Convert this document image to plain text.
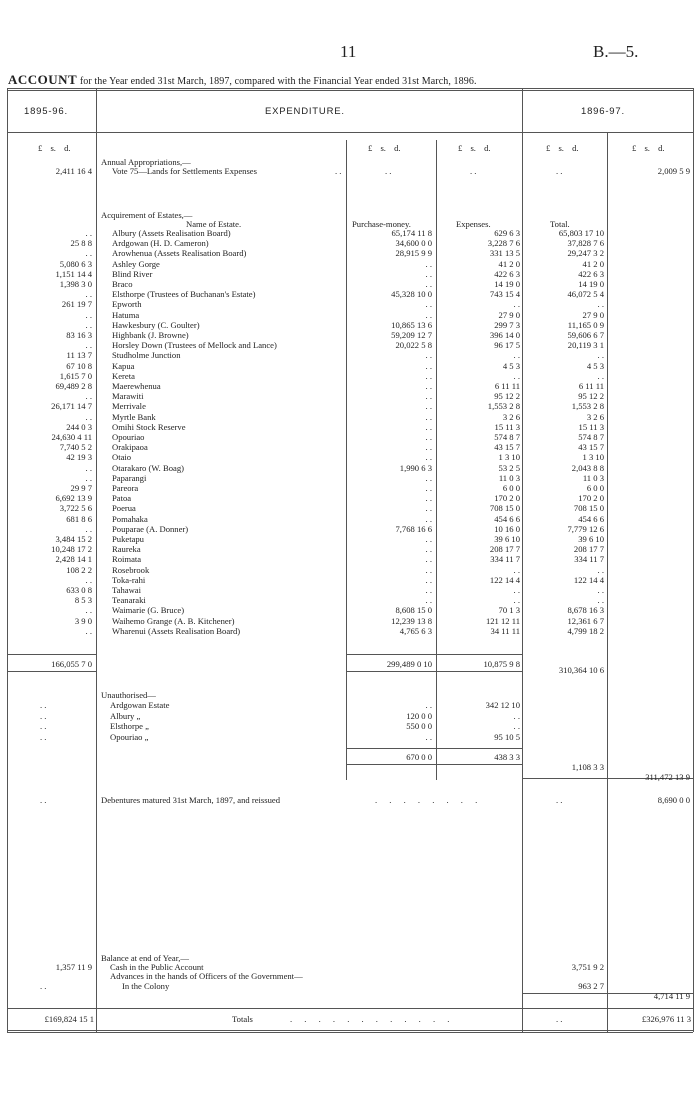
11	B.—5.
ACCOUNT for the Year ended 31st March, 1897, compared with the Financial Year ended 31st March, 1896.
1895-96.	EXPENDITURE.	1896-97.
£ s. d.	£ s. d.	£ s. d.	£ s. d.	£ s. d.
Annual Appropriations,—
2,411 16 4 Vote 75—Lands for Settlements Expenses	. .	. .	. .	. .	2,009 5 9
Acquirement of Estates,—
Name of Estate.	Purchase-money.	Expenses.	Total.
. . Albury (Assets Realisation Board)	65,174 11 8	629 6 3	65,803 17 10
25 8 8 Ardgowan (H. D. Cameron)	34,600 0 0	3,228 7 6	37,828 7 6
. . Arowhenua (Assets Realisation Board)	28,915 9 9	331 13 5	29,247 3 2
5,080 6 3 Ashley Gorge	. .	41 2 0	41 2 0
1,151 14 4 Blind River	. .	422 6 3	422 6 3
1,398 3 0 Braco	. .	14 19 0	14 19 0
. . Elsthorpe (Trustees of Buchanan's Estate)	45,328 10 0	743 15 4	46,072 5 4
261 19 7 Epworth	. .	. .	. .
. . Hatuma	. .	27 9 0	27 9 0
. . Hawkesbury (C. Goulter)	10,865 13 6	299 7 3	11,165 0 9
83 16 3 Highbank (J. Browne)	59,209 12 7	396 14 0	59,606 6 7
. . Horsley Down (Trustees of Mellock and Lance)	20,022 5 8	96 17 5	20,119 3 1
11 13 7 Studholme Junction	. .	. .	. .
67 10 8 Kapua	. .	4 5 3	4 5 3
1,615 7 0 Kereta	. .	. .	. .
69,489 2 8 Maerewhenua	. .	6 11 11	6 11 11
. . Marawiti	. .	95 12 2	95 12 2
26,171 14 7 Merrivale	. .	1,553 2 8	1,553 2 8
. . Myrtle Bank	. .	3 2 6	3 2 6
244 0 3 Omihi Stock Reserve	. .	15 11 3	15 11 3
24,630 4 11 Opouriao	. .	574 8 7	574 8 7
7,740 5 2 Orakipaoa	. .	43 15 7	43 15 7
42 19 3 Otaio	. .	1 3 10	1 3 10
. . Otarakaro (W. Boag)	1,990 6 3	53 2 5	2,043 8 8
. . Paparangi	. .	11 0 3	11 0 3
29 9 7 Pareora	. .	6 0 0	6 0 0
6,692 13 9 Patoa	. .	170 2 0	170 2 0
3,722 5 6 Poerua	. .	708 15 0	708 15 0
681 8 6 Pomahaka	. .	454 6 6	454 6 6
. . Pouparae (A. Donner)	7,768 16 6	10 16 0	7,779 12 6
3,484 15 2 Puketapu	. .	39 6 10	39 6 10
10,248 17 2 Raureka	. .	208 17 7	208 17 7
2,428 14 1 Roimata	. .	334 11 7	334 11 7
108 2 2 Rosebrook	. .	. .	. .
. . Toka-rahi	. .	122 14 4	122 14 4
633 0 8 Tahawai	. .	. .	. .
8 5 3 Teanaraki	. .	. .	. .
. . Waimarie (G. Bruce)	8,608 15 0	70 1 3	8,678 16 3
3 9 0 Waihemo Grange (A. B. Kitchener)	12,239 13 8	121 12 11	12,361 6 7
. . Wharenui (Assets Realisation Board)	4,765 6 3	34 11 11	4,799 18 2
166,055 7 0	299,489 0 10	10,875 9 8
310,364 10 6
Unauthorised—
. .	Ardgowan Estate	. .	342 12 10
. .	Albury „	120 0 0	. .
. .	Elsthorpe „	550 0 0	. .
. .	Opouriao „	. .	95 10 5
670 0 0	438 3 3
1,108 3 3
311,472 13 9
. .	Debentures matured 31st March, 1897, and reissued	. . . . . . . .	. .	8,690 0 0
Balance at end of Year,—
1,357 11 9 Cash in the Public Account	3,751 9 2
Advances in the hands of Officers of the Government—
. .	In the Colony	963 2 7
4,714 11 9
£169,824 15 1	Totals	. . . . . . . . . . . .	. .	£326,976 11 3
